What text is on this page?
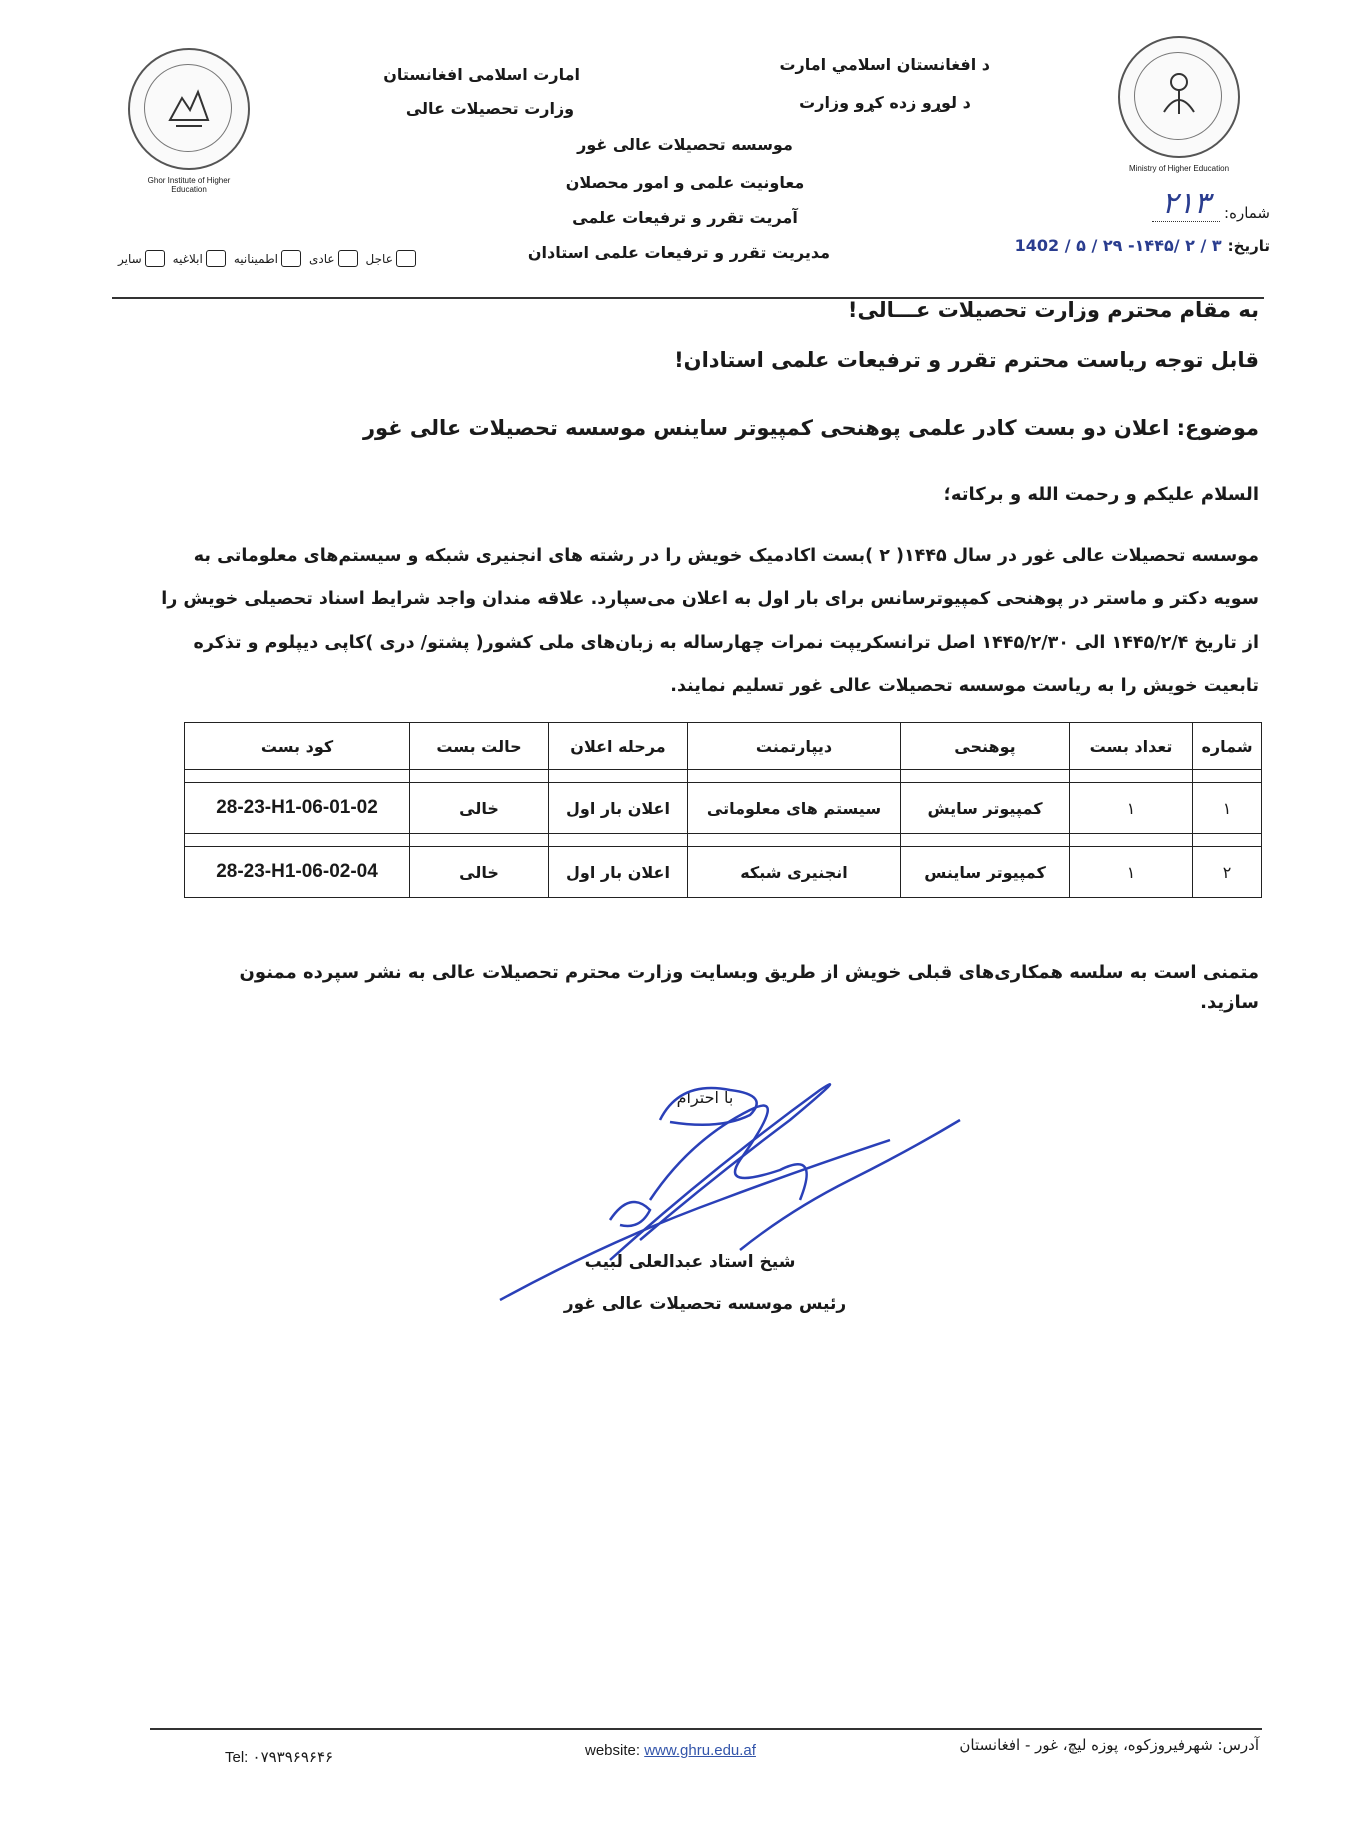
Ghor Institute of Higher Education
Ministry of Higher Education
امارت اسلامی افغانستان
وزارت تحصیلات عالی
د افغانستان اسلامي امارت
د لوړو زده کړو وزارت
موسسه تحصیلات عالی غور
معاونیت علمی و امور محصلان
آمریت تقرر و ترفیعات علمی
مدیریت تقرر و ترفیعات علمی استادان
شماره:
۲۱۳
تاریخ:
۳ / ۲ /۱۴۴۵- ۲۹ / ۵ / 1402
عاجل
عادی
اطمینانیه
ابلاغیه
سایر
به مقام محترم وزارت تحصیلات عـــالی!
قابل توجه ریاست محترم تقرر و ترفیعات علمی استادان!
موضوع: اعلان دو بست کادر علمی پوهنحی کمپیوتر ساینس موسسه تحصیلات عالی غور
السلام علیکم و رحمت الله و برکاته؛
موسسه تحصیلات عالی غور در سال ۱۴۴۵( ۲ )بست اکادمیک خویش را در رشته های انجنیری شبکه و سیستم‌های معلوماتی به
سویه دکتر و ماستر در پوهنحی کمپیوترسانس برای بار اول به اعلان می‌سپارد. علاقه مندان واجد شرایط اسناد تحصیلی خویش را
از تاریخ ۱۴۴۵/۲/۴ الی ۱۴۴۵/۲/۳۰ اصل ترانسکریپت نمرات چهارساله به زبان‌های ملی کشور( پشتو/ دری )کاپی دیپلوم و تذکره
تابعیت خویش را به ریاست موسسه تحصیلات عالی غور تسلیم نمایند.
شماره	تعداد بست	پوهنحی	دیپارتمنت	مرحله اعلان	حالت بست	کود بست

۱	۱	کمپیوتر سایش	سیستم های معلوماتی	اعلان بار اول	خالی	28-23-H1-06-01-02

۲	۱	کمپیوتر ساینس	انجنیری شبکه	اعلان بار اول	خالی	28-23-H1-06-02-04
متمنی است به سلسه همکاری‌های قبلی خویش از طریق وبسایت وزارت محترم تحصیلات عالی به نشر سپرده ممنون سازید.
با احترام
شیخ استاد عبدالعلی لبیب
رئیس موسسه تحصیلات عالی غور
آدرس: شهرفیروزکوه، پوزه لیچ، غور - افغانستان
website: www.ghru.edu.af
Tel: ۰۷۹۳۹۶۹۶۴۶
